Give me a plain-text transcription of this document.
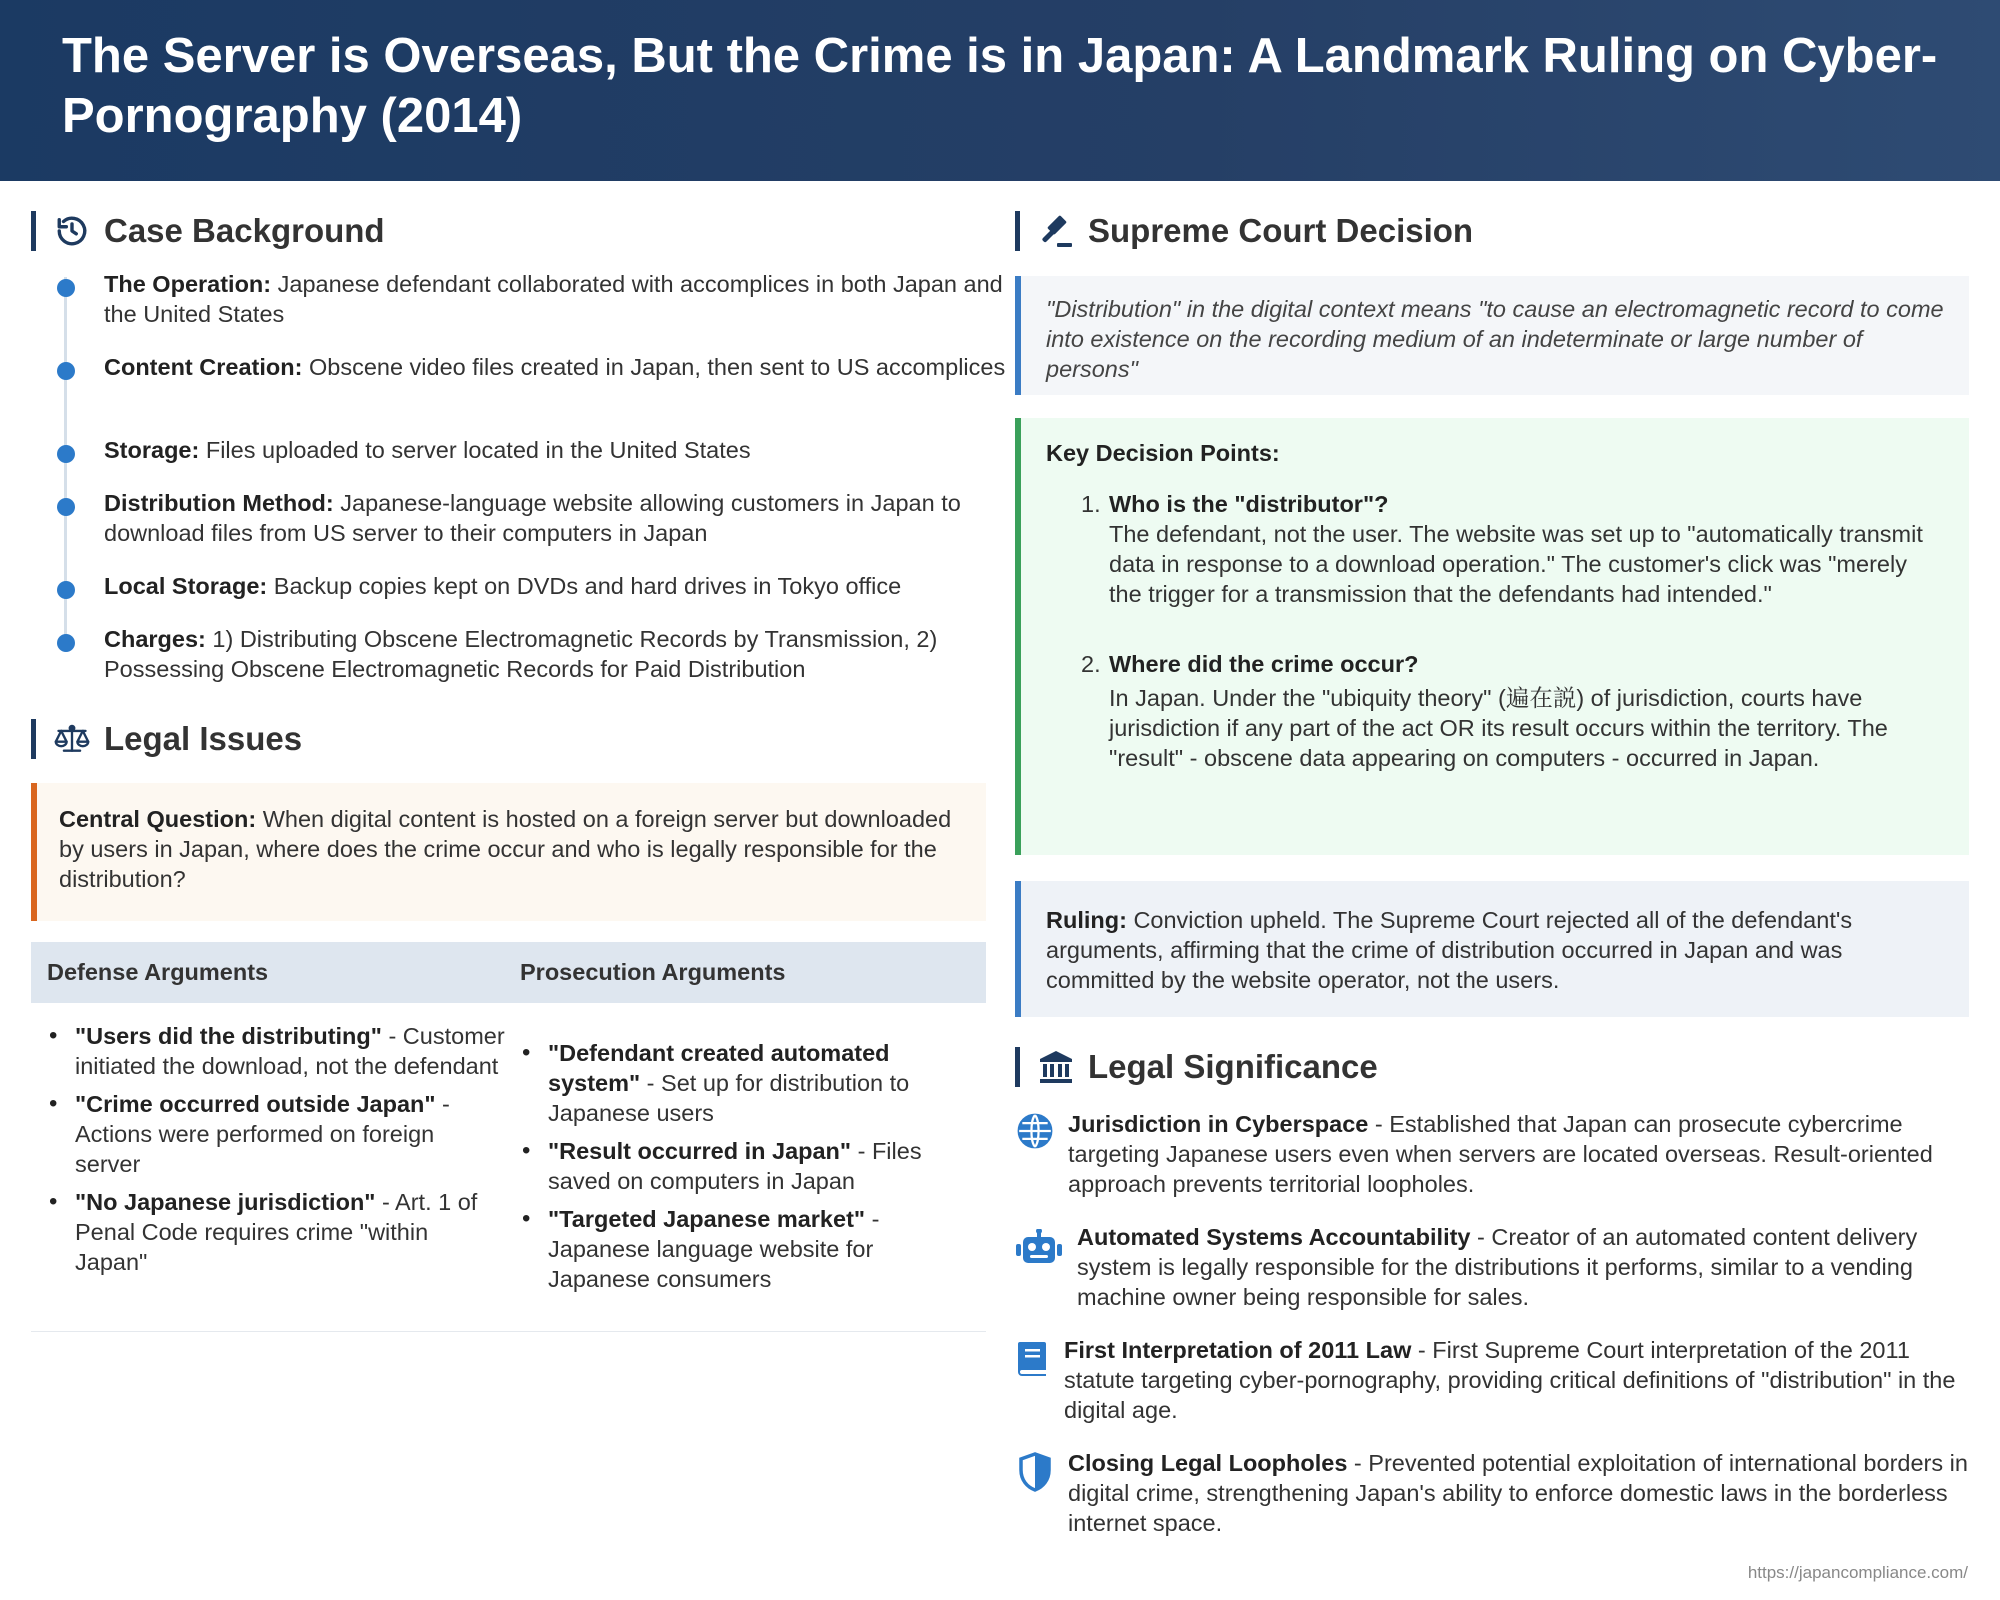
The Server is Overseas, But the Crime is in Japan: A Landmark Ruling on Cyber-Pornography (2014)
Case Background
The Operation: Japanese defendant collaborated with accomplices in both Japan and the United States
Content Creation: Obscene video files created in Japan, then sent to US accomplices
Storage: Files uploaded to server located in the United States
Distribution Method: Japanese-language website allowing customers in Japan to download files from US server to their computers in Japan
Local Storage: Backup copies kept on DVDs and hard drives in Tokyo office
Charges: 1) Distributing Obscene Electromagnetic Records by Transmission, 2) Possessing Obscene Electromagnetic Records for Paid Distribution
Legal Issues
Central Question: When digital content is hosted on a foreign server but downloaded by users in Japan, where does the crime occur and who is legally responsible for the distribution?
Defense Arguments	Prosecution Arguments
• "Users did the distributing" - Customer initiated the download, not the defendant
• "Crime occurred outside Japan" - Actions were performed on foreign server
• "No Japanese jurisdiction" - Art. 1 of Penal Code requires crime "within Japan"
• "Defendant created automated system" - Set up for distribution to Japanese users
• "Result occurred in Japan" - Files saved on computers in Japan
• "Targeted Japanese market" - Japanese language website for Japanese consumers
Supreme Court Decision
"Distribution" in the digital context means "to cause an electromagnetic record to come into existence on the recording medium of an indeterminate or large number of persons"
Key Decision Points:
1. Who is the "distributor"?
The defendant, not the user. The website was set up to "automatically transmit data in response to a download operation." The customer's click was "merely the trigger for a transmission that the defendants had intended."
2. Where did the crime occur?
In Japan. Under the "ubiquity theory" (遍在説) of jurisdiction, courts have jurisdiction if any part of the act OR its result occurs within the territory. The "result" - obscene data appearing on computers - occurred in Japan.
Ruling: Conviction upheld. The Supreme Court rejected all of the defendant's arguments, affirming that the crime of distribution occurred in Japan and was committed by the website operator, not the users.
Legal Significance
Jurisdiction in Cyberspace - Established that Japan can prosecute cybercrime targeting Japanese users even when servers are located overseas. Result-oriented approach prevents territorial loopholes.
Automated Systems Accountability - Creator of an automated content delivery system is legally responsible for the distributions it performs, similar to a vending machine owner being responsible for sales.
First Interpretation of 2011 Law - First Supreme Court interpretation of the 2011 statute targeting cyber-pornography, providing critical definitions of "distribution" in the digital age.
Closing Legal Loopholes - Prevented potential exploitation of international borders in digital crime, strengthening Japan's ability to enforce domestic laws in the borderless internet space.
https://japancompliance.com/
